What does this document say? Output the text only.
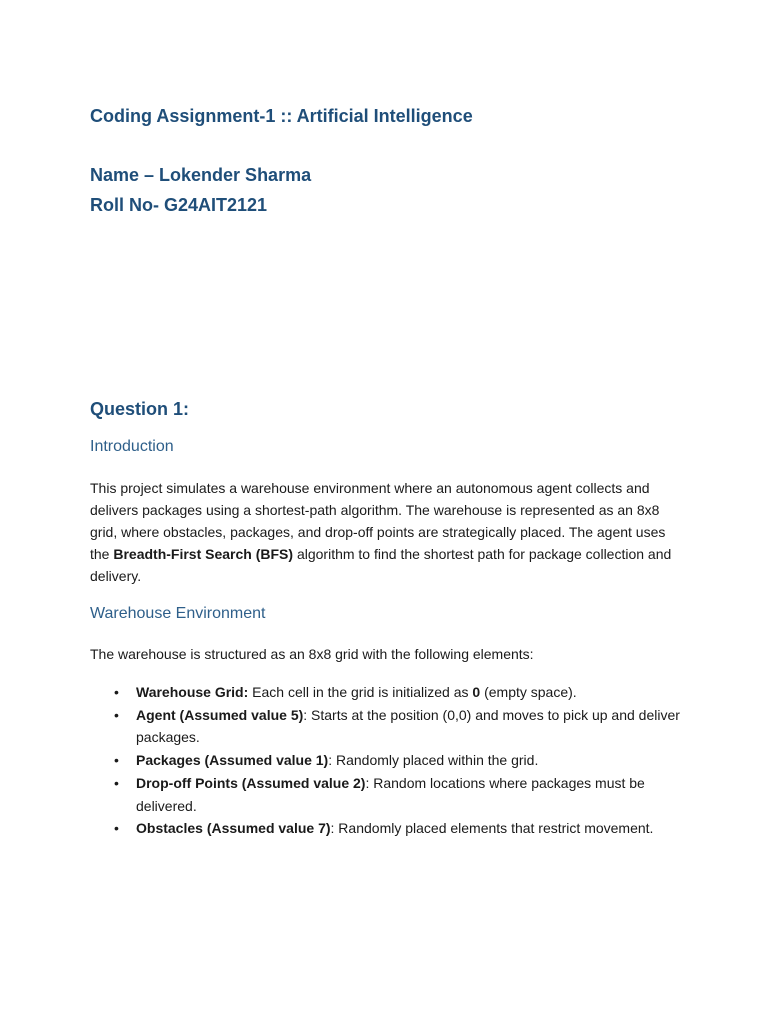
Coding Assignment-1 :: Artificial Intelligence
Name – Lokender Sharma
Roll No- G24AIT2121
Question 1:
Introduction

This project simulates a warehouse environment where an autonomous agent collects and delivers packages using a shortest-path algorithm. The warehouse is represented as an 8x8 grid, where obstacles, packages, and drop-off points are strategically placed. The agent uses the Breadth-First Search (BFS) algorithm to find the shortest path for package collection and delivery.

Warehouse Environment

The warehouse is structured as an 8x8 grid with the following elements:

• Warehouse Grid: Each cell in the grid is initialized as 0 (empty space).
• Agent (Assumed value 5): Starts at the position (0,0) and moves to pick up and deliver packages.
• Packages (Assumed value 1): Randomly placed within the grid.
• Drop-off Points (Assumed value 2): Random locations where packages must be delivered.
• Obstacles (Assumed value 7): Randomly placed elements that restrict movement.
